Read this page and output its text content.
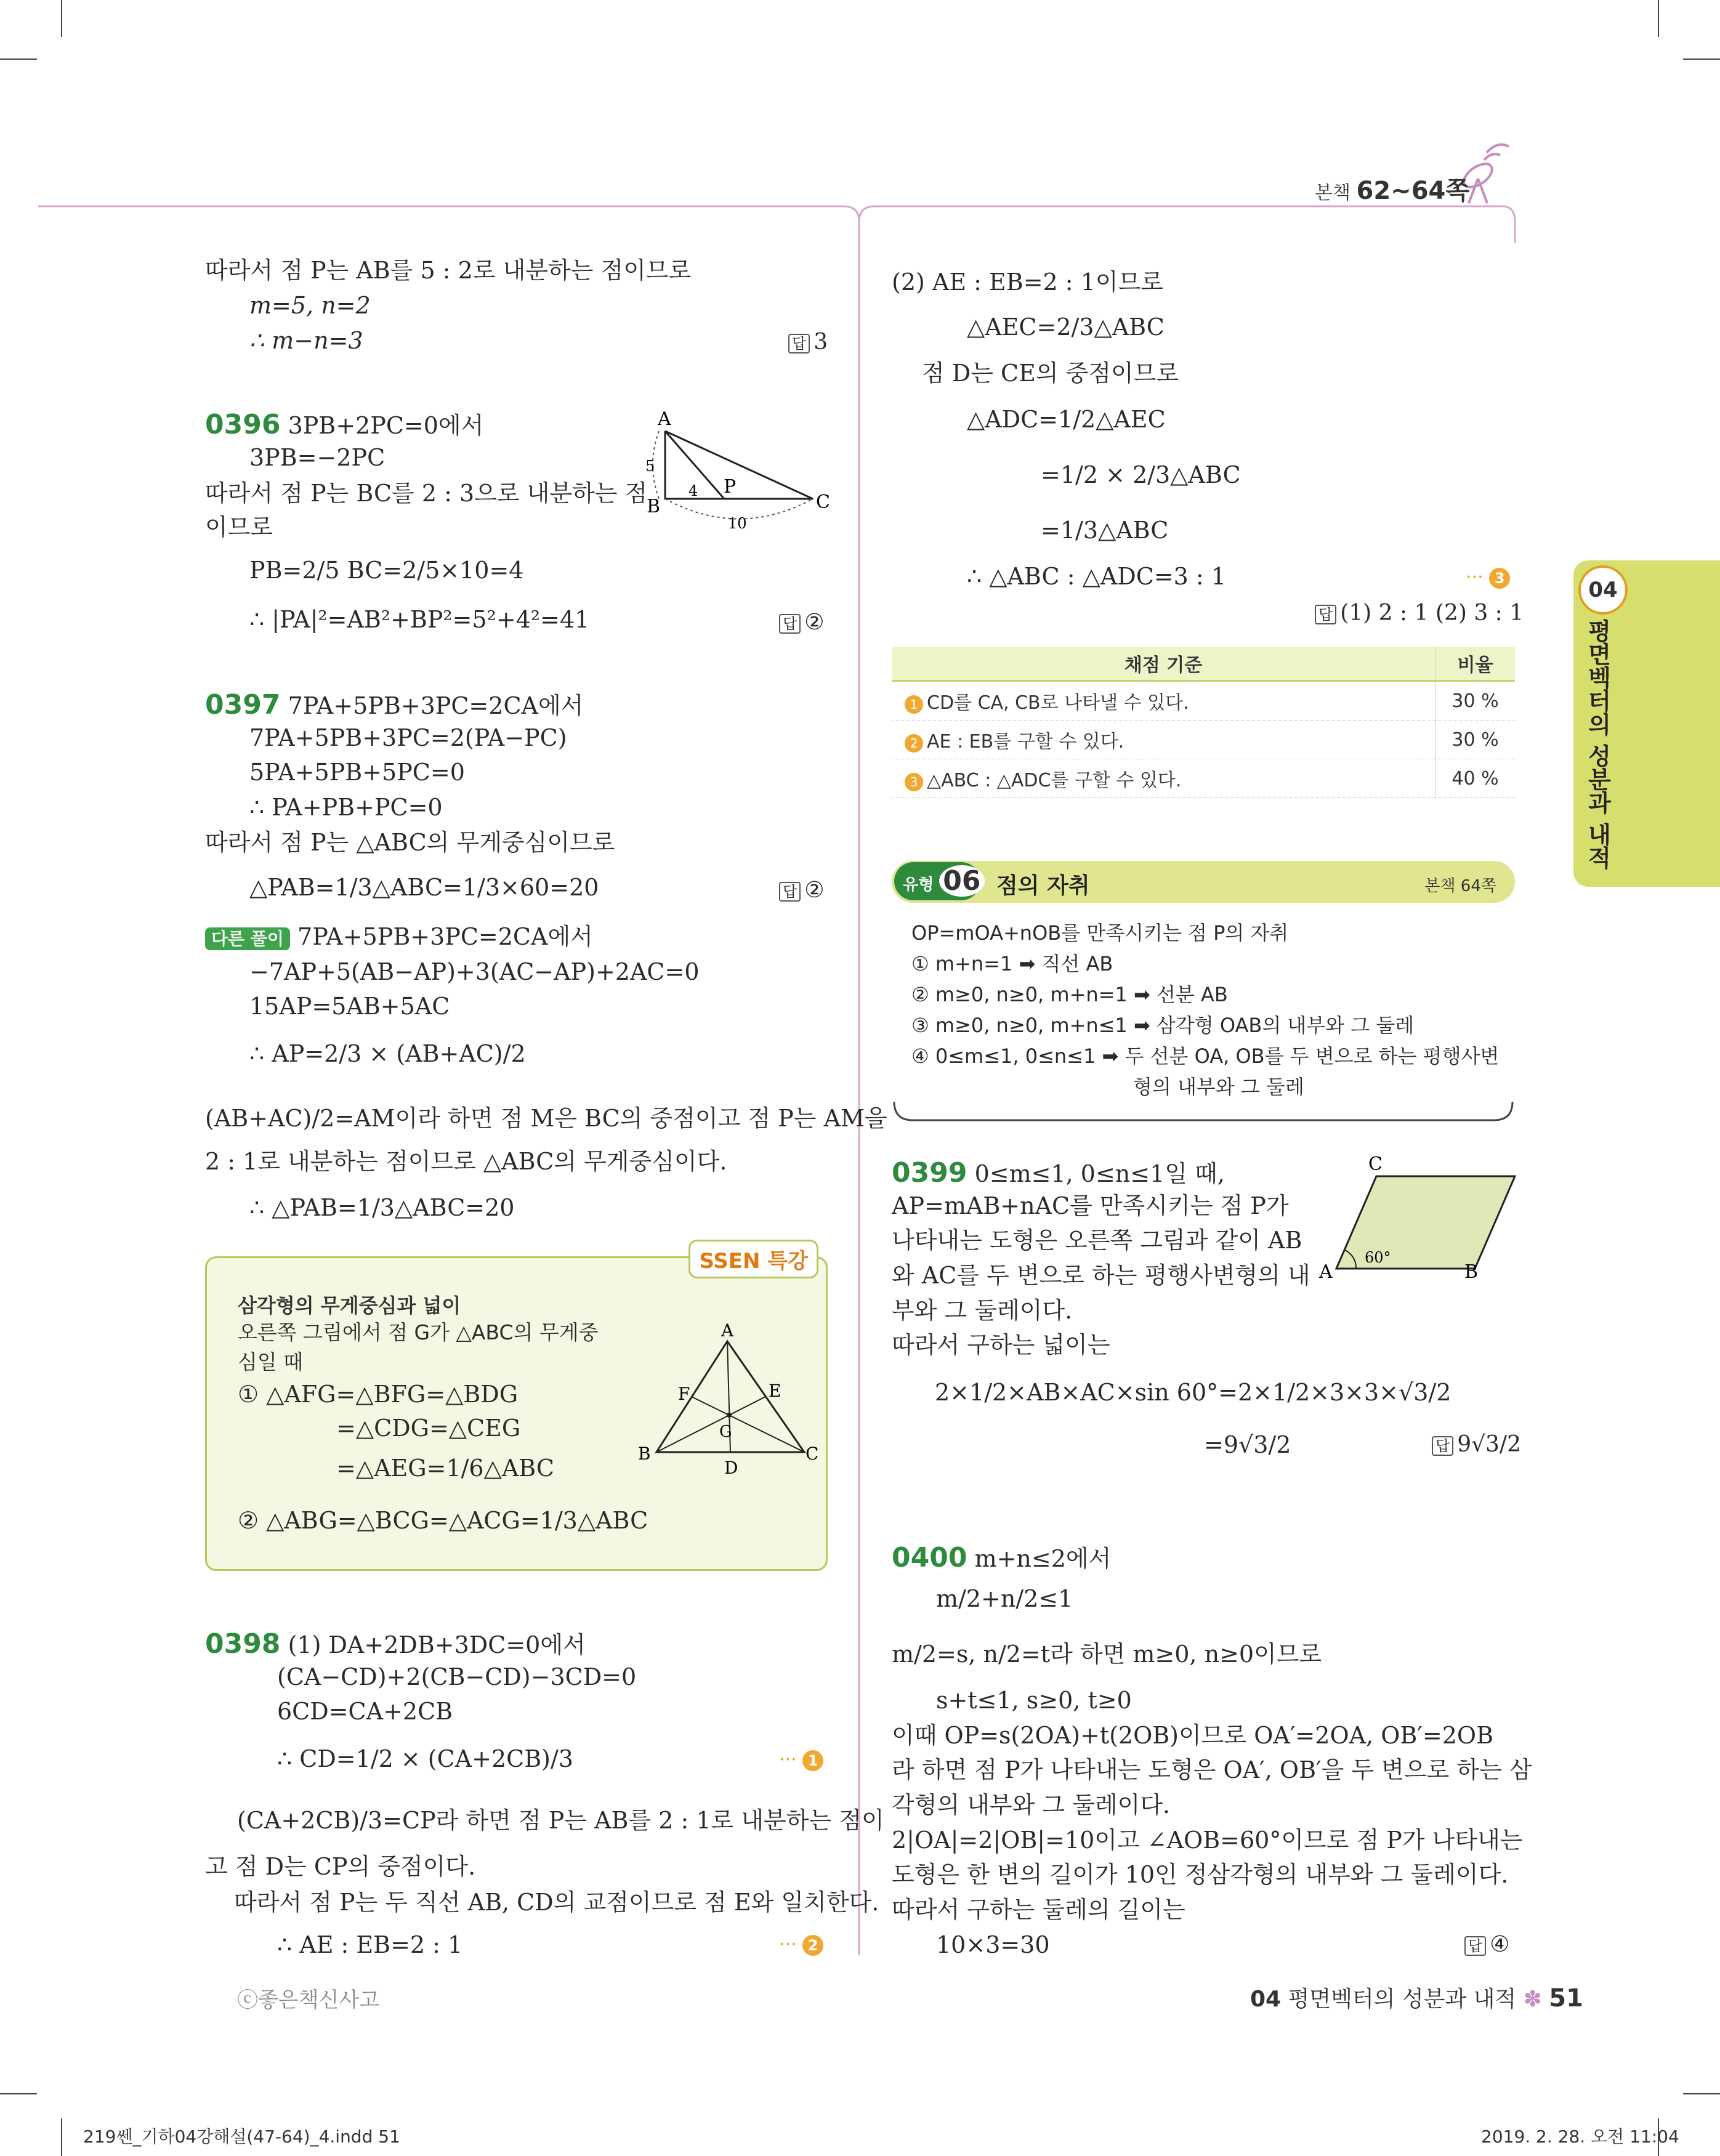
본책 62~64쪽
04
평면벡터의 성분과 내적
따라서 점 P는 AB를 5 : 2로 내분하는 점이므로
m=5, n=2
∴ m−n=3	답 3
0396 3PB+2PC=0에서
3PB=−2PC
따라서 점 P는 BC를 2 : 3으로 내분하는 점
이므로
PB=2/5 BC=2/5×10=4
∴ |PA|²=AB²+BP²=5²+4²=41	답 ②
A
B	C
P
5
4
10
0397 7PA+5PB+3PC=2CA에서
7PA+5PB+3PC=2(PA−PC)
5PA+5PB+5PC=0
∴ PA+PB+PC=0
따라서 점 P는 △ABC의 무게중심이므로
△PAB=1/3△ABC=1/3×60=20	답 ②
다른 풀이 7PA+5PB+3PC=2CA에서
−7AP+5(AB−AP)+3(AC−AP)+2AC=0
15AP=5AB+5AC
∴ AP=2/3 × (AB+AC)/2
(AB+AC)/2=AM이라 하면 점 M은 BC의 중점이고 점 P는 AM을
2 : 1로 내분하는 점이므로 △ABC의 무게중심이다.
∴ △PAB=1/3△ABC=20
SSEN 특강
삼각형의 무게중심과 넓이
오른쪽 그림에서 점 G가 △ABC의 무게중
심일 때
① △AFG=△BFG=△BDG
=△CDG=△CEG
=△AEG=1/6△ABC
② △ABG=△BCG=△ACG=1/3△ABC
A
B	C
D
E
F
G
0398 (1) DA+2DB+3DC=0에서
(CA−CD)+2(CB−CD)−3CD=0
6CD=CA+2CB
∴ CD=1/2 × (CA+2CB)/3	··· 1
(CA+2CB)/3=CP라 하면 점 P는 AB를 2 : 1로 내분하는 점이
고 점 D는 CP의 중점이다.
따라서 점 P는 두 직선 AB, CD의 교점이므로 점 E와 일치한다.
∴ AE : EB=2 : 1	··· 2
(2) AE : EB=2 : 1이므로
△AEC=2/3△ABC
점 D는 CE의 중점이므로
△ADC=1/2△AEC
=1/2 × 2/3△ABC
=1/3△ABC
∴ △ABC : △ADC=3 : 1	··· 3
답 (1) 2 : 1 (2) 3 : 1
채점 기준	비율
1 CD를 CA, CB로 나타낼 수 있다.	30 %
2 AE : EB를 구할 수 있다.	30 %
3 △ABC : △ADC를 구할 수 있다.	40 %
유형 06 점의 자취	본책 64쪽
OP=mOA+nOB를 만족시키는 점 P의 자취
① m+n=1 ➡ 직선 AB
② m≥0, n≥0, m+n=1 ➡ 선분 AB
③ m≥0, n≥0, m+n≤1 ➡ 삼각형 OAB의 내부와 그 둘레
④ 0≤m≤1, 0≤n≤1 ➡ 두 선분 OA, OB를 두 변으로 하는 평행사변
형의 내부와 그 둘레
0399 0≤m≤1, 0≤n≤1일 때,
AP=mAB+nAC를 만족시키는 점 P가
나타내는 도형은 오른쪽 그림과 같이 AB
와 AC를 두 변으로 하는 평행사변형의 내
부와 그 둘레이다.
따라서 구하는 넓이는
2×1/2×AB×AC×sin 60°=2×1/2×3×3×√3/2
=9√3/2	답 9√3/2
C
A	B
60°
0400 m+n≤2에서
m/2+n/2≤1
m/2=s, n/2=t라 하면 m≥0, n≥0이므로
s+t≤1, s≥0, t≥0
이때 OP=s(2OA)+t(2OB)이므로 OA′=2OA, OB′=2OB
라 하면 점 P가 나타내는 도형은 OA′, OB′을 두 변으로 하는 삼
각형의 내부와 그 둘레이다.
2|OA|=2|OB|=10이고 ∠AOB=60°이므로 점 P가 나타내는
도형은 한 변의 길이가 10인 정삼각형의 내부와 그 둘레이다.
따라서 구하는 둘레의 길이는
10×3=30	답 ④
ⓒ좋은책신사고	04 평면벡터의 성분과 내적 ✽ 51
219쎈_기하04강해설(47-64)_4.indd 51	2019. 2. 28. 오전 11:04
